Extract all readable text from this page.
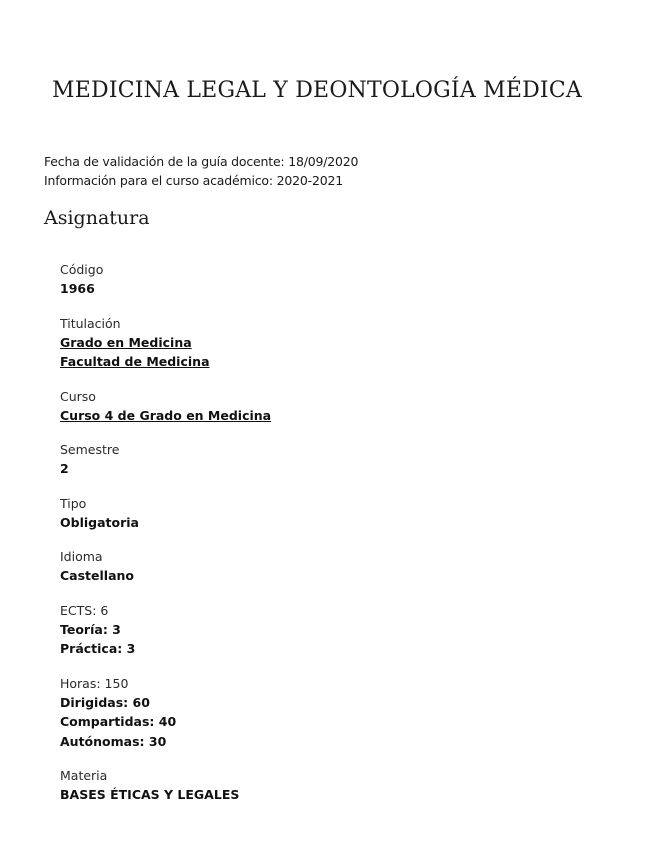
MEDICINA LEGAL Y DEONTOLOGÍA MÉDICA
Fecha de validación de la guía docente: 18/09/2020
Información para el curso académico: 2020-2021
Asignatura
Código
1966
Titulación
Grado en Medicina
Facultad de Medicina
Curso
Curso 4 de Grado en Medicina
Semestre
2
Tipo
Obligatoria
Idioma
Castellano
ECTS: 6
Teoría: 3
Práctica: 3
Horas: 150
Dirigidas: 60
Compartidas: 40
Autónomas: 30
Materia
BASES ÉTICAS Y LEGALES
